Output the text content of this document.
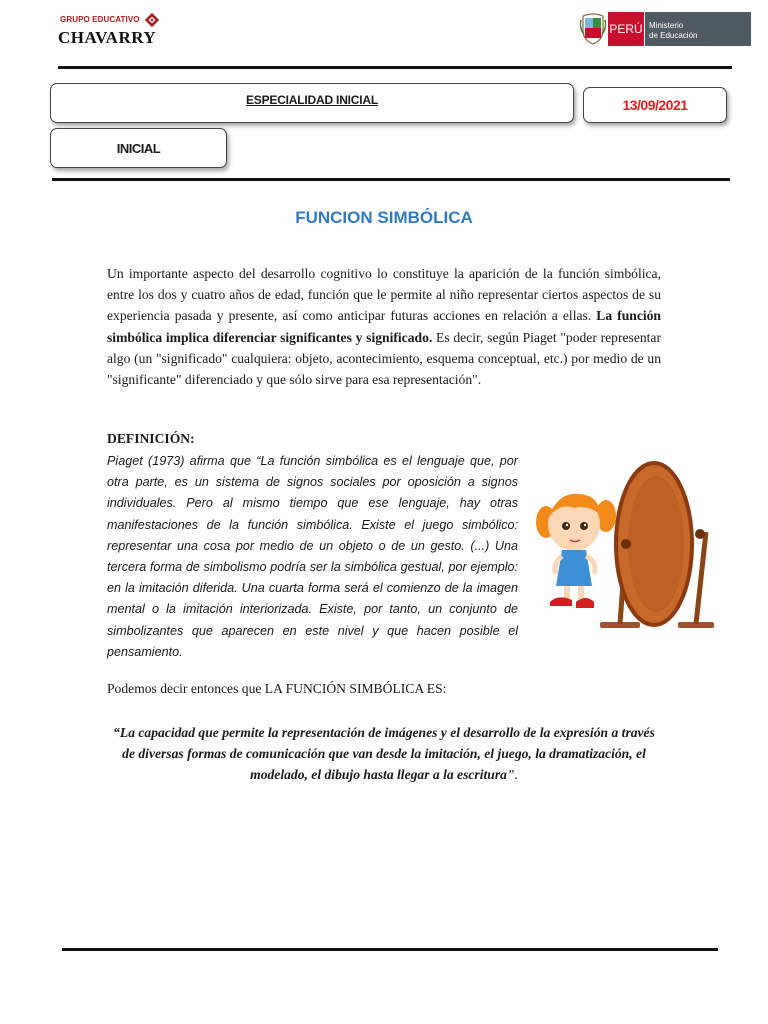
GRUPO EDUCATIVO
CHAVARRY	PERÚ Ministerio
de Educación
ESPECIALIDAD INICIAL	13/09/2021
INICIAL
FUNCION SIMBÓLICA

Un importante aspecto del desarrollo cognitivo lo constituye la aparición de la función simbólica, entre los dos y cuatro años de edad, función que le permite al niño representar ciertos aspectos de su experiencia pasada y presente, así como anticipar futuras acciones en relación a ellas. La función simbólica implica diferenciar significantes y significado. Es decir, según Piaget "poder representar algo (un "significado" cualquiera: objeto, acontecimiento, esquema conceptual, etc.) por medio de un "significante" diferenciado y que sólo sirve para esa representación".

DEFINICIÓN:

Piaget (1973) afirma que “La función simbólica es el lenguaje que, por otra parte, es un sistema de signos sociales por oposición a signos individuales. Pero al mismo tiempo que ese lenguaje, hay otras manifestaciones de la función simbólica. Existe el juego simbólico: representar una cosa por medio de un objeto o de un gesto. (...) Una tercera forma de simbolismo podría ser la simbólica gestual, por ejemplo: en la imitación diferida. Una cuarta forma será el comienzo de la imagen mental o la imitación interiorizada. Existe, por tanto, un conjunto de simbolizantes que aparecen en este nivel y que hacen posible el pensamiento.

Podemos decir entonces que LA FUNCIÓN SIMBÓLICA ES:

“La capacidad que permite la representación de imágenes y el desarrollo de la expresión a través de diversas formas de comunicación que van desde la imitación, el juego, la dramatización, el modelado, el dibujo hasta llegar a la escritura”.
